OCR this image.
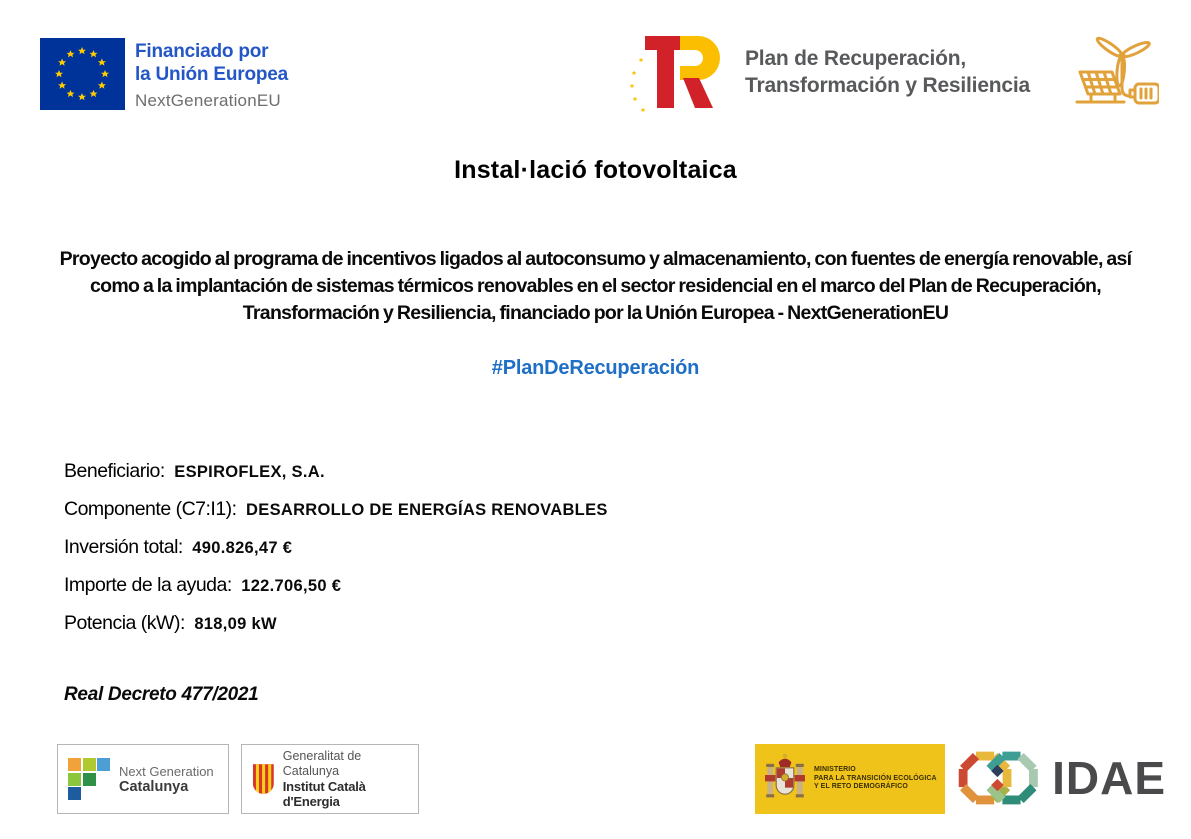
Financiado por
la Unión Europea
NextGenerationEU
Plan de Recuperación,
Transformación y Resiliencia
Instal·lació fotovoltaica
Proyecto acogido al programa de incentivos ligados al autoconsumo y almacenamiento, con fuentes de energía renovable, así como a la implantación de sistemas térmicos renovables en el sector residencial en el marco del Plan de Recuperación, Transformación y Resiliencia, financiado por la Unión Europea - NextGenerationEU
#PlanDeRecuperación
Beneficiario: ESPIROFLEX, S.A.
Componente (C7:I1): DESARROLLO DE ENERGÍAS RENOVABLES
Inversión total: 490.826,47 €
Importe de la ayuda: 122.706,50 €
Potencia (kW): 818,09 kW
Real Decreto 477/2021
Next Generation
Catalunya
Generalitat de Catalunya
Institut Català d'Energia
MINISTERIO
PARA LA TRANSICIÓN ECOLÓGICA
Y EL RETO DEMOGRÁFICO	IDAE
